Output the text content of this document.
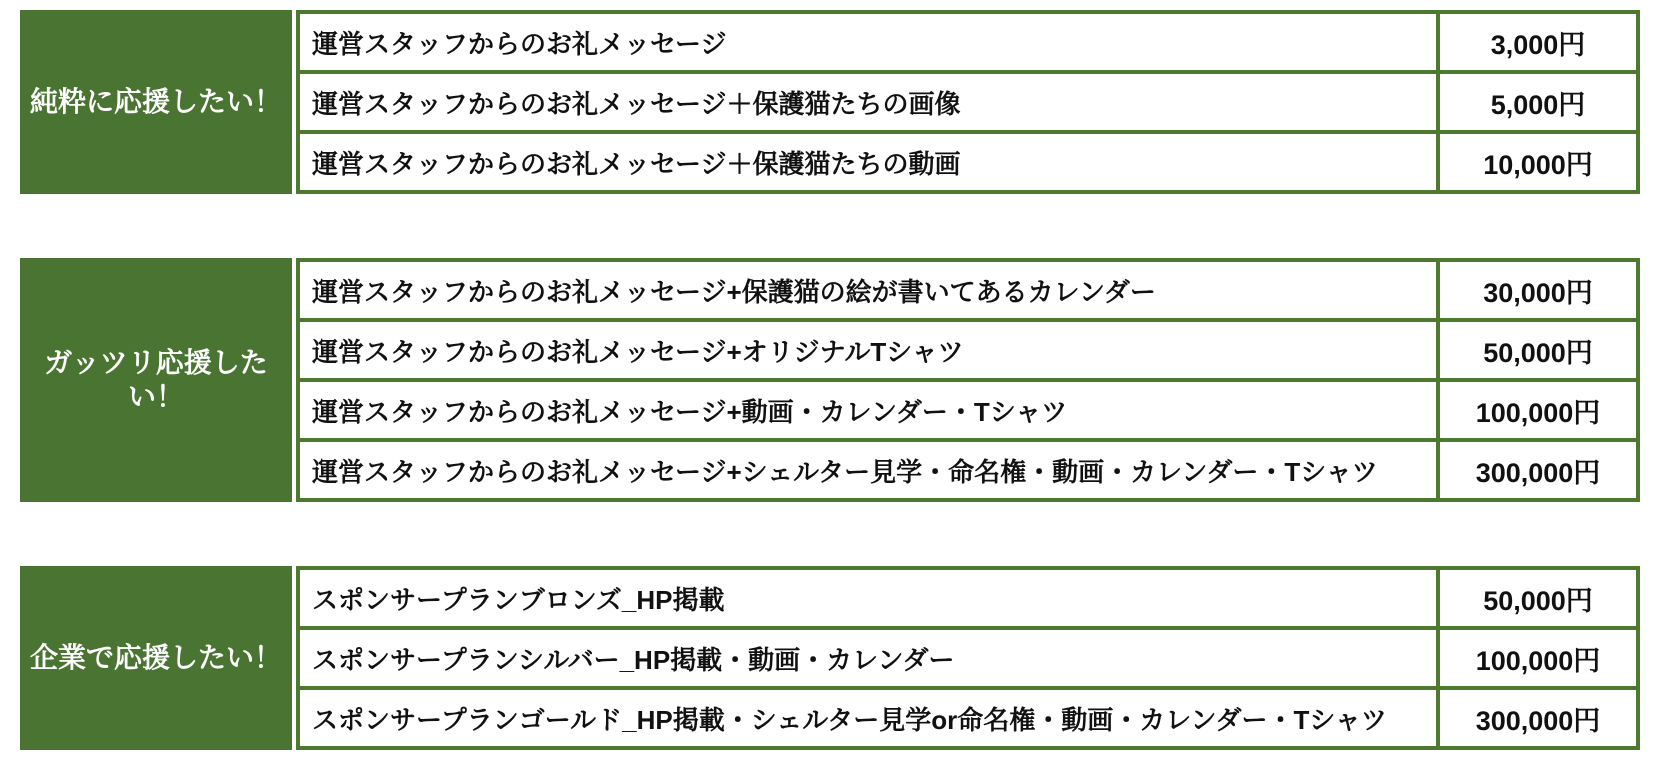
純粋に応援したい！
運営スタッフからのお礼メッセージ	3,000円
運営スタッフからのお礼メッセージ＋保護猫たちの画像	5,000円
運営スタッフからのお礼メッセージ＋保護猫たちの動画	10,000円
ガッツリ応援したい！
運営スタッフからのお礼メッセージ+保護猫の絵が書いてあるカレンダー	30,000円
運営スタッフからのお礼メッセージ+オリジナルTシャツ	50,000円
運営スタッフからのお礼メッセージ+動画・カレンダー・Tシャツ	100,000円
運営スタッフからのお礼メッセージ+シェルター見学・命名権・動画・カレンダー・Tシャツ	300,000円
企業で応援したい！
スポンサープランブロンズ_HP掲載	50,000円
スポンサープランシルバー_HP掲載・動画・カレンダー	100,000円
スポンサープランゴールド_HP掲載・シェルター見学or命名権・動画・カレンダー・Tシャツ	300,000円
